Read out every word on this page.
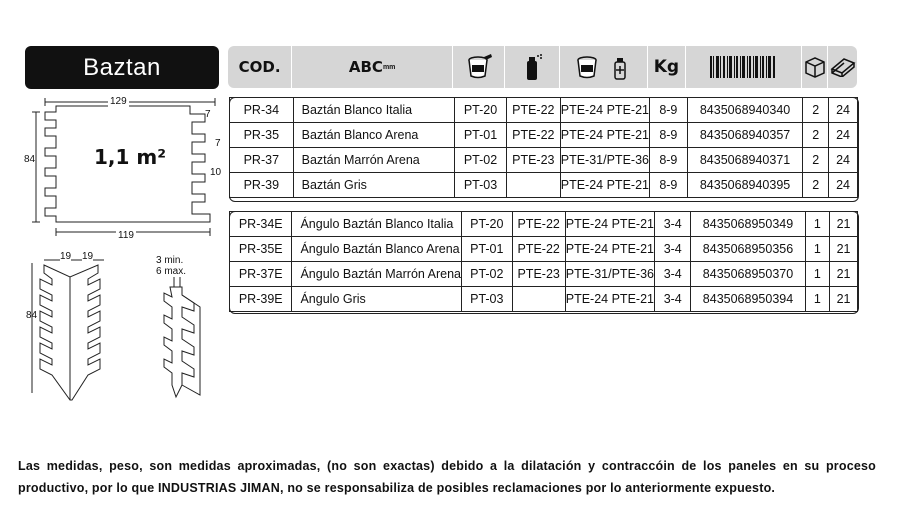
Baztan	COD.	ABC mm	Kg
PR-34	Baztán Blanco Italia	PT-20	PTE-22	PTE-24 PTE-21	8-9	8435068940340	2	24
PR-35	Baztán Blanco Arena	PT-01	PTE-22	PTE-24 PTE-21	8-9	8435068940357	2	24
PR-37	Baztán Marrón Arena	PT-02	PTE-23	PTE-31/PTE-36	8-9	8435068940371	2	24
PR-39	Baztán Gris	PT-03		PTE-24 PTE-21	8-9	8435068940395	2	24
PR-34E	Ángulo Baztán Blanco Italia	PT-20	PTE-22	PTE-24 PTE-21	3-4	8435068950349	1	21
PR-35E	Ángulo Baztán Blanco Arena	PT-01	PTE-22	PTE-24 PTE-21	3-4	8435068950356	1	21
PR-37E	Ángulo Baztán Marrón Arena	PT-02	PTE-23	PTE-31/PTE-36	3-4	8435068950370	1	21
PR-39E	Ángulo Gris	PT-03		PTE-24 PTE-21	3-4	8435068950394	1	21
129
119
84
7
7
10
1,1 m²
19 19
84
3 min.
6 max.

Las medidas, peso, son medidas aproximadas, (no son exactas) debido a la dilatación y contraccóin de los paneles en su proceso

productivo, por lo que INDUSTRIAS JIMAN, no se responsabiliza de posibles reclamaciones por lo anteriormente expuesto.
